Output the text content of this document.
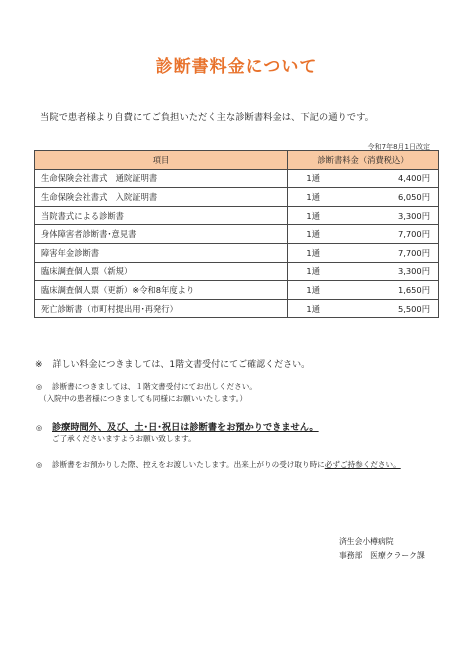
診断書料金について
当院で患者様より自費にてご負担いただく主な診断書料金は、下記の通りです。
令和7年8月1日改定
項目	診断書料金（消費税込）	
生命保険会社書式　通院証明書	1通	4,400円
生命保険会社書式　入院証明書	1通	6,050円
当院書式による診断書	1通	3,300円
身体障害者診断書･意見書	1通	7,700円
障害年金診断書	1通	7,700円
臨床調査個人票（新規）	1通	3,300円
臨床調査個人票（更新）※令和8年度より	1通	1,650円
死亡診断書（市町村提出用･再発行）	1通	5,500円
※ 詳しい料金につきましては、1階文書受付にてご確認ください。
◎ 診断書につきましては、１階文書受付にてお出しください。
（入院中の患者様につきましても同様にお願いいたします。）
◎ 診療時間外、及び、土･日･祝日は診断書をお預かりできません。
ご了承くださいますようお願い致します。
◎ 診断書をお預かりした際、控えをお渡しいたします。出来上がりの受け取り時に必ずご持参ください。
済生会小樽病院
事務部　医療クラーク課
